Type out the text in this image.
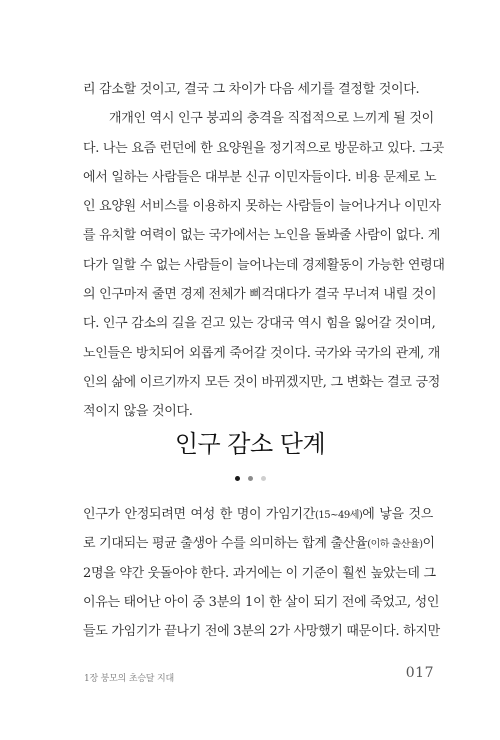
리 감소할 것이고, 결국 그 차이가 다음 세기를 결정할 것이다.
개개인 역시 인구 붕괴의 충격을 직접적으로 느끼게 될 것이
다. 나는 요즘 런던에 한 요양원을 정기적으로 방문하고 있다. 그곳
에서 일하는 사람들은 대부분 신규 이민자들이다. 비용 문제로 노
인 요양원 서비스를 이용하지 못하는 사람들이 늘어나거나 이민자
를 유치할 여력이 없는 국가에서는 노인을 돌봐줄 사람이 없다. 게
다가 일할 수 없는 사람들이 늘어나는데 경제활동이 가능한 연령대
의 인구마저 줄면 경제 전체가 삐걱대다가 결국 무너져 내릴 것이
다. 인구 감소의 길을 걷고 있는 강대국 역시 힘을 잃어갈 것이며,
노인들은 방치되어 외롭게 죽어갈 것이다. 국가와 국가의 관계, 개
인의 삶에 이르기까지 모든 것이 바뀌겠지만, 그 변화는 결코 긍정
적이지 않을 것이다.
인구 감소 단계
인구가 안정되려면 여성 한 명이 가임기간(15~49세)에 낳을 것으
로 기대되는 평균 출생아 수를 의미하는 합계 출산율(이하 출산율)이
2명을 약간 웃돌아야 한다. 과거에는 이 기준이 훨씬 높았는데 그
이유는 태어난 아이 중 3분의 1이 한 살이 되기 전에 죽었고, 성인
들도 가임기가 끝나기 전에 3분의 2가 사망했기 때문이다. 하지만
1장 붕모의 초승달 지대	017
